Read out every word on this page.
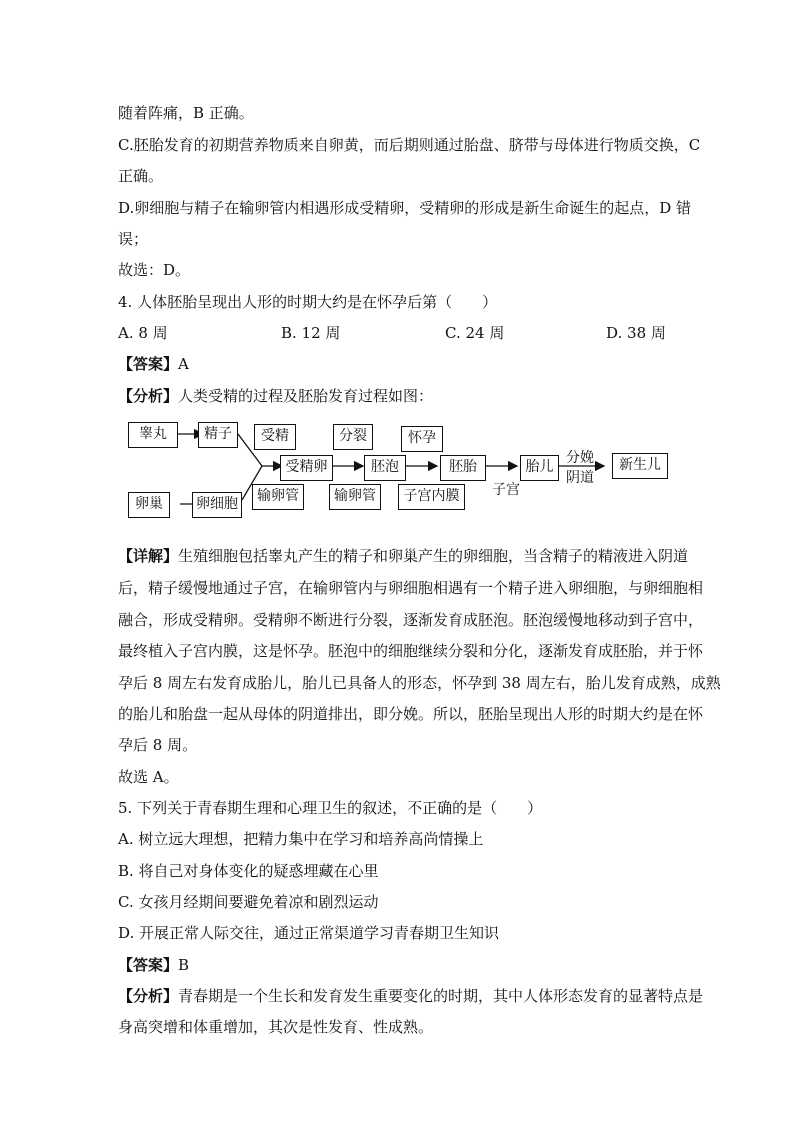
随着阵痛，B 正确。
C.胚胎发育的初期营养物质来自卵黄，而后期则通过胎盘、脐带与母体进行物质交换，C
正确。
D.卵细胞与精子在输卵管内相遇形成受精卵，受精卵的形成是新生命诞生的起点，D 错
误；
故选：D。
4. 人体胚胎呈现出人形的时期大约是在怀孕后第（　　）
A. 8 周	B. 12 周	C. 24 周	D. 38 周
【答案】A
【分析】人类受精的过程及胚胎发育过程如图：
睾丸	精子	受精	分裂	怀孕
受精卵	胚泡	胚胎	胎儿	新生儿
分娩
阴道
子宫
卵巢	卵细胞	输卵管	输卵管	子宫内膜
【详解】生殖细胞包括睾丸产生的精子和卵巢产生的卵细胞，当含精子的精液进入阴道
后，精子缓慢地通过子宫，在输卵管内与卵细胞相遇有一个精子进入卵细胞，与卵细胞相
融合，形成受精卵。受精卵不断进行分裂，逐渐发育成胚泡。胚泡缓慢地移动到子宫中，
最终植入子宫内膜，这是怀孕。胚泡中的细胞继续分裂和分化，逐渐发育成胚胎，并于怀
孕后 8 周左右发育成胎儿，胎儿已具备人的形态，怀孕到 38 周左右，胎儿发育成熟，成熟
的胎儿和胎盘一起从母体的阴道排出，即分娩。所以，胚胎呈现出人形的时期大约是在怀
孕后 8 周。
故选 A。
5. 下列关于青春期生理和心理卫生的叙述，不正确的是（　　）
A. 树立远大理想，把精力集中在学习和培养高尚情操上
B. 将自己对身体变化的疑惑埋藏在心里
C. 女孩月经期间要避免着凉和剧烈运动
D. 开展正常人际交往，通过正常渠道学习青春期卫生知识
【答案】B
【分析】青春期是一个生长和发育发生重要变化的时期，其中人体形态发育的显著特点是
身高突增和体重增加，其次是性发育、性成熟。
